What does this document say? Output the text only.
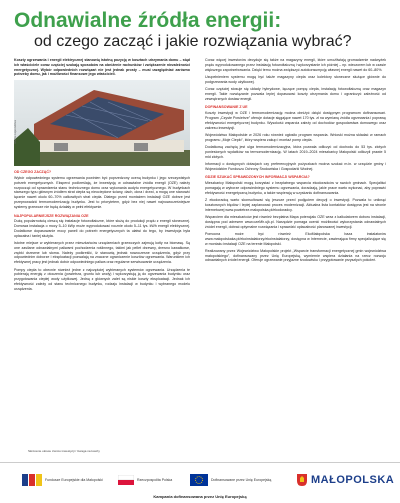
Odnawialne źródła energii:
od czego zacząć i jakie rozwiązania wybrać?

Koszty ogrzewania i energii elektrycznej stanowią istotną pozycję w kosztach utrzymania domu – stąd ich właściciele coraz częściej szukają sposobów na obniżenie rachunków i zwiększenie niezależności energetycznej. Wybór odpowiednich rozwiązań nie jest jednak prosty – musi uwzględniać zarówno potrzeby domu, jak i możliwości finansowe jego właścicieli.

Władze województwa
OD CZEGO ZACZĄĆ?

Wybór odpowiedniego systemu ogrzewania powinien być poprzedzony oceną budynku i jego rzeczywistych potrzeb energetycznych. Eksperci podkreślają, że inwestycję w odnawialne źródła energii (OZE) należy rozpocząć od sprawdzenia stanu technicznego domu oraz wykonania audytu energetycznego. W budynkach starszego typu głównym źródłem strat ciepła są nieocieplone ściany, dach, okna i drzwi, a mogą one stanowić łącznie nawet około 60–70% całkowitych strat ciepła. Dlatego przed montażem instalacji OZE dobrze jest przeprowadzić termomodernizację budynku. Jest to priorytetem, gdyż bez niej nawet najnowocześniejsze systemy grzewcze nie będą działały w pełni efektywnie.

NAJPOPULARNIEJSZE ROZWIĄZANIA OZE

Dużą popularnością cieszą się instalacje fotowoltaiczne, które służą do produkcji prądu z energii słonecznej. Domowa instalacja o mocy 5–10 kWp może wyprodukować rocznie około 5–11 tys. kWh energii elektrycznej. Dodatkowe dopasowanie mocy paneli do potrzeb energetycznych ta ułatwi do tego, by inwestycja była opłacalna i taniej służyła.

Istotne miejsce w wybieranych przez mieszkańców urządzeniach grzewczych zajmują kotły na biomasę. Są one zasilane odnawialnymi paliwami pochodzenia roślinnego, takimi jak pellet drzewny, drewno kawałkowe, zrębki drzewne lub słoma. Należy podkreślić, iż stanowią jednak nowoczesne urządzenia, gdyż przy odpowiednim doborze i eksploatacji pozwalają na znaczne ograniczenie kosztów ogrzewania. Warunkiem ich efektywnej pracy jest jednak dobór odpowiedniego paliwa oraz regularne serwisowanie urządzenia.

Pompy ciepła to obecnie również jedne z najczęściej wybieranych systemów ogrzewania. Urządzenia te pobierają energię z otoczenia (powietrza, gruntu lub wody) i wykorzystują ją do ogrzewania budynku oraz przygotowania ciepłej wody użytkowej. Jedną z głównych zalet są niskie koszty eksploatacji. Jednak ich efektywność zależy od stanu technicznego budynku, rodzaju instalacji w budynku i wybranego modelu urządzenia.

Coraz więcej inwestorów decyduje się także na magazyny energii, które umożliwiają gromadzenie nadwyżek prądu wyprodukowanego przez instalację fotowoltaiczną i wykorzystanie ich później – np. wieczorem lub w czasie większego zapotrzebowania. Dzięki temu można zwiększyć autokonsumpcję własnej energii nawet do 60–80%.

Uzupełnieniem systemu mogą być także magazyny ciepła oraz kolektory słoneczne służące głównie do podgrzewania wody użytkowej.

Coraz częściej stosuje się układy hybrydowe, łączące pompę ciepła, instalację fotowoltaiczną oraz magazyn energii. Takie rozwiązanie pozwala lepiej dopasować koszty utrzymania domu i ograniczyć zależność od zewnętrznych dostaw energii.

DOFINANSOWANIE Z UE

Koszty inwestycji w OZE i termomodernizację można obniżyć dzięki dostępnym programom dofinansowań. Program „Czyste Powietrze” oferuje dotacje sięgające nawet 170 tys. zł na wymianę źródła ogrzewania i poprawę efektywności energetycznej budynku. Wysokość wsparcia zależy od dochodów gospodarstwa domowego oraz zakresu inwestycji.

Województwo Małopolskie w 2026 roku również ogłosiło program wsparcia. Wnioski można składać w ramach programu „Moje Ciepło”, który wspiera zakup i montaż pomp ciepła.

Dodatkową zachętą jest ulga termomodernizacyjna, która pozwala odliczyć od dochodu do 53 tys. złotych poniesionych wydatków na termomodernizację. W latach 2019–2024 mieszkańcy Małopolski odliczyli prawie 5 mld złotych.

Informacji o dostępnych dotacjach czy preferencyjnych pożyczkach można szukać m.in. w urzędzie gminy i Wojewódzkim Funduszu Ochrony Środowiska i Gospodarki Wodnej.

GDZIE SZUKAĆ SPRAWDZONYCH INFORMACJI WSPARCIA?

Mieszkańcy Małopolski mogą korzystać z bezpłatnego wsparcia ekodoradców w swoich gminach. Specjaliści pomagają w wyborze odpowiedniego systemu ogrzewania, doradzają, jakie prace warto wykonać, aby poprawić efektywność energetyczną budynku, a także wspierają w uzyskaniu dofinansowania.

Z ekodoradcą warto skonsultować się jeszcze przed podjęciem decyzji o inwestycji. Pozwala to uniknąć kosztownych błędów i lepiej zaplanować proces modernizacji. Aktualna lista kontaktów dostępna jest na stronie internetowej www.powietrze.malopolska.pl/ekodoradcy.

Wsparciem dla mieszkańców jest również bezpłatna Mapa potencjału OZE wraz z kalkulatorem doboru instalacji, dostępna pod adresem www.ozeMh.ujk.pl. Narzędzie pomaga ocenić możliwości wykorzystania odnawialnych źródeł energii, dobrać optymalne rozwiązania i sprawdzić opłacalność planowanej inwestycji.

Pomocna może być również EkoMałopolska baza instalatorów www.malopolskaka.pl/ekoinstalatorzy/ekoinstalatorzy, dostępna w Internecie, zawierająca firmy specjalizujące się w montażu instalacji OZE na terenie Małopolski.

Realizowany przez Województwo Małopolskie projekt „Wsparcie transformacji energetycznej gmin województwa małopolskiego”, dofinansowany przez Unię Europejską, wymiernie wspiera działania na rzecz rozwoju odnawialnych źródeł energii. Oferuje ogrzewanie przyjazne środowisku i przygotowanie przyszłych pokoleń.

Skrócenie okresu zwrotu inwestycji / Uwaga na koszty
Fundusze Europejskie dla Małopolski	Rzeczpospolita Polska	Dofinansowane przez Unię Europejską	MAŁOPOLSKA
Kampania dofinansowana przez Unię Europejską
